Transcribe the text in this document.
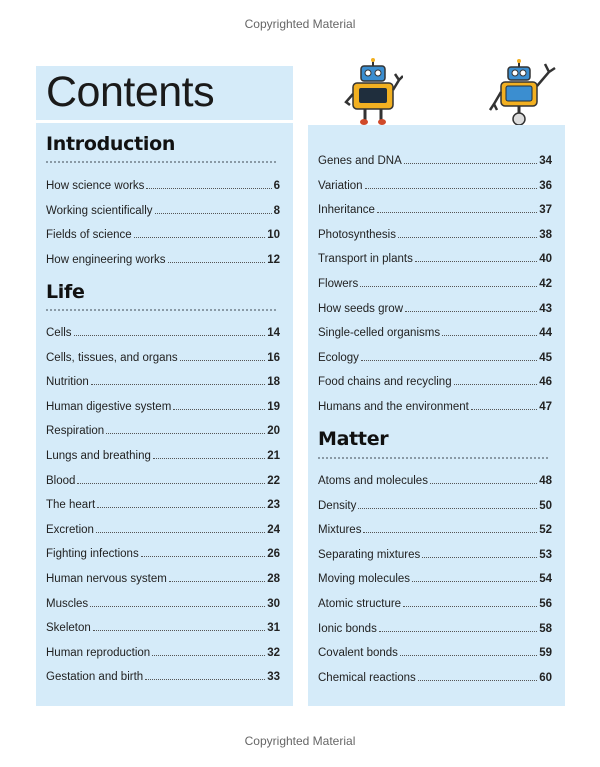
Copyrighted Material
Contents
Introduction
How science works	6
Working scientifically	8
Fields of science	10
How engineering works	12
Life
Cells	14
Cells, tissues, and organs	16
Nutrition	18
Human digestive system	19
Respiration	20
Lungs and breathing	21
Blood	22
The heart	23
Excretion	24
Fighting infections	26
Human nervous system	28
Muscles	30
Skeleton	31
Human reproduction	32
Gestation and birth	33
Genes and DNA	34
Variation	36
Inheritance	37
Photosynthesis	38
Transport in plants	40
Flowers	42
How seeds grow	43
Single-celled organisms	44
Ecology	45
Food chains and recycling	46
Humans and the environment	47
Matter
Atoms and molecules	48
Density	50
Mixtures	52
Separating mixtures	53
Moving molecules	54
Atomic structure	56
Ionic bonds	58
Covalent bonds	59
Chemical reactions	60
Copyrighted Material
